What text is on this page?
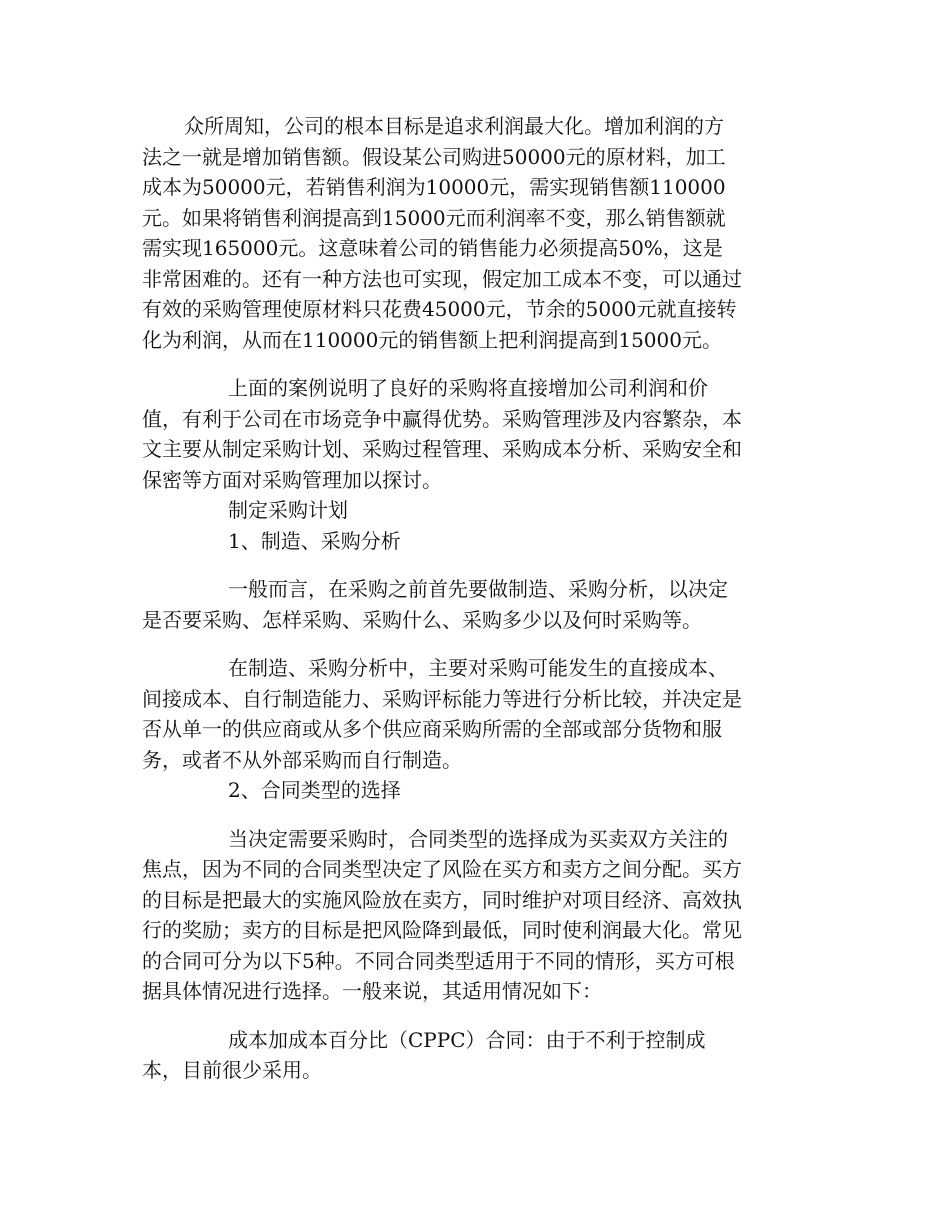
众所周知，公司的根本目标是追求利润最大化。增加利润的方法之一就是增加销售额。假设某公司购进50000元的原材料，加工成本为50000元，若销售利润为10000元，需实现销售额110000元。如果将销售利润提高到15000元而利润率不变，那么销售额就需实现165000元。这意味着公司的销售能力必须提高50%，这是非常困难的。还有一种方法也可实现，假定加工成本不变，可以通过有效的采购管理使原材料只花费45000元，节余的5000元就直接转化为利润，从而在110000元的销售额上把利润提高到15000元。

上面的案例说明了良好的采购将直接增加公司利润和价值，有利于公司在市场竞争中赢得优势。采购管理涉及内容繁杂，本文主要从制定采购计划、采购过程管理、采购成本分析、采购安全和保密等方面对采购管理加以探讨。

制定采购计划

1、制造、采购分析

一般而言，在采购之前首先要做制造、采购分析，以决定是否要采购、怎样采购、采购什么、采购多少以及何时采购等。

在制造、采购分析中，主要对采购可能发生的直接成本、间接成本、自行制造能力、采购评标能力等进行分析比较，并决定是否从单一的供应商或从多个供应商采购所需的全部或部分货物和服务，或者不从外部采购而自行制造。

2、合同类型的选择

当决定需要采购时，合同类型的选择成为买卖双方关注的焦点，因为不同的合同类型决定了风险在买方和卖方之间分配。买方的目标是把最大的实施风险放在卖方，同时维护对项目经济、高效执行的奖励；卖方的目标是把风险降到最低，同时使利润最大化。常见的合同可分为以下5种。不同合同类型适用于不同的情形，买方可根据具体情况进行选择。一般来说，其适用情况如下：

成本加成本百分比（CPPC）合同：由于不利于控制成本，目前很少采用。
